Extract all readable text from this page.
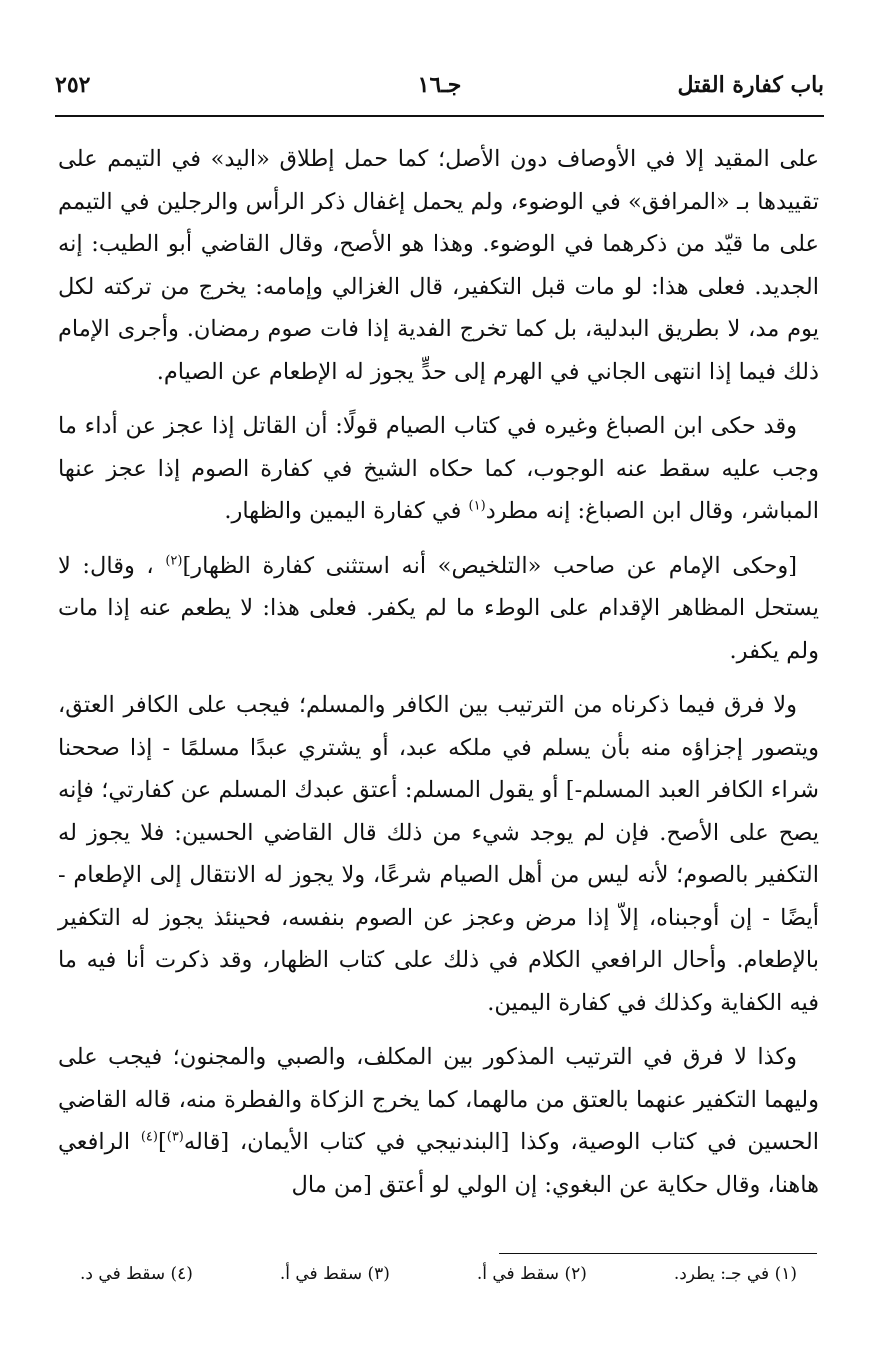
باب كفارة القتل
جـ١٦
٢٥٢

على المقيد إلا في الأوصاف دون الأصل؛ كما حمل إطلاق «اليد» في التيمم على تقييدها بـ «المرافق» في الوضوء، ولم يحمل إغفال ذكر الرأس والرجلين في التيمم على ما قيّد من ذكرهما في الوضوء. وهذا هو الأصح، وقال القاضي أبو الطيب: إنه الجديد. فعلى هذا: لو مات قبل التكفير، قال الغزالي وإمامه: يخرج من تركته لكل يوم مد، لا بطريق البدلية، بل كما تخرج الفدية إذا فات صوم رمضان. وأجرى الإمام ذلك فيما إذا انتهى الجاني في الهرم إلى حدٍّ يجوز له الإطعام عن الصيام.

وقد حكى ابن الصباغ وغيره في كتاب الصيام قولًا: أن القاتل إذا عجز عن أداء ما وجب عليه سقط عنه الوجوب، كما حكاه الشيخ في كفارة الصوم إذا عجز عنها المباشر، وقال ابن الصباغ: إنه مطرد$^{(١)}$ في كفارة اليمين والظهار.

[وحكى الإمام عن صاحب «التلخيص» أنه استثنى كفارة الظهار]$^{(٢)}$ ، وقال: لا يستحل المظاهر الإقدام على الوطء ما لم يكفر. فعلى هذا: لا يطعم عنه إذا مات ولم يكفر.

ولا فرق فيما ذكرناه من الترتيب بين الكافر والمسلم؛ فيجب على الكافر العتق، ويتصور إجزاؤه منه بأن يسلم في ملكه عبد، أو يشتري عبدًا مسلمًا - إذا صححنا شراء الكافر العبد المسلم-] أو يقول المسلم: أعتق عبدك المسلم عن كفارتي؛ فإنه يصح على الأصح. فإن لم يوجد شيء من ذلك قال القاضي الحسين: فلا يجوز له التكفير بالصوم؛ لأنه ليس من أهل الصيام شرعًا، ولا يجوز له الانتقال إلى الإطعام - أيضًا - إن أوجبناه، إلاّ إذا مرض وعجز عن الصوم بنفسه، فحينئذ يجوز له التكفير بالإطعام. وأحال الرافعي الكلام في ذلك على كتاب الظهار، وقد ذكرت أنا فيه ما فيه الكفاية وكذلك في كفارة اليمين.

وكذا لا فرق في الترتيب المذكور بين المكلف، والصبي والمجنون؛ فيجب على وليهما التكفير عنهما بالعتق من مالهما، كما يخرج الزكاة والفطرة منه، قاله القاضي الحسين في كتاب الوصية، وكذا [البندنيجي في كتاب الأيمان، [قاله$^{(٣)}$]$^{(٤)}$ الرافعي هاهنا، وقال حكاية عن البغوي: إن الولي لو أعتق [من مال

(١) في جـ: يطرد.
(٢) سقط في أ.
(٣) سقط في أ.
(٤) سقط في د.
